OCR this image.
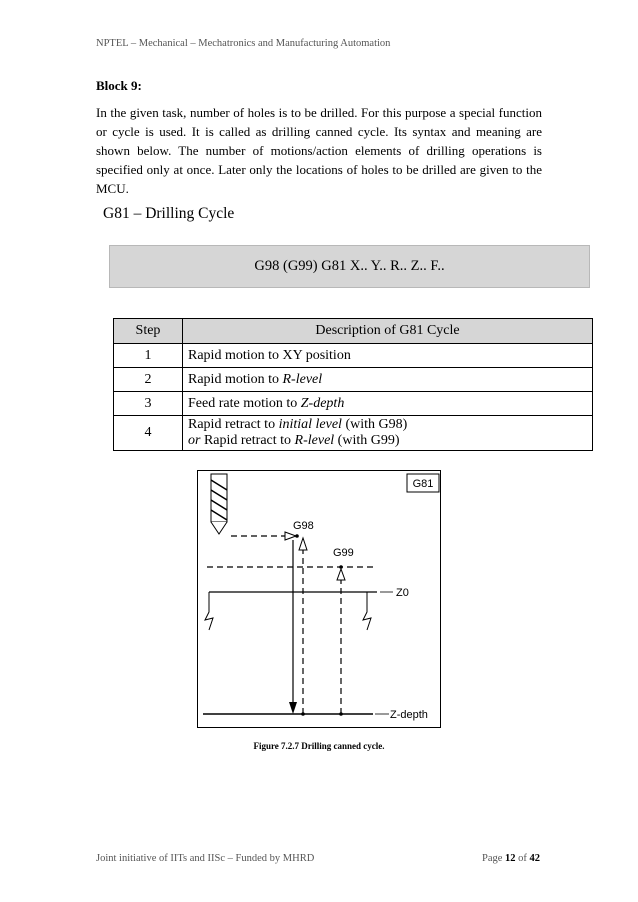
NPTEL – Mechanical – Mechatronics and Manufacturing Automation
Block 9:
In the given task, number of holes is to be drilled. For this purpose a special function or cycle is used. It is called as drilling canned cycle. Its syntax and meaning are shown below. The number of motions/action elements of drilling operations is specified only at once. Later only the locations of holes to be drilled are given to the MCU.
G81 – Drilling Cycle
G98 (G99) G81 X.. Y.. R.. Z.. F..
Step	Description of G81 Cycle
1	Rapid motion to XY position
2	Rapid motion to R-level
3	Feed rate motion to Z-depth
4	Rapid retract to initial level (with G98)
or Rapid retract to R-level (with G99)
G81
G98
G99
Z0
Z-depth
Figure 7.2.7 Drilling canned cycle.
Joint initiative of IITs and IISc – Funded by MHRD	Page 12 of 42
